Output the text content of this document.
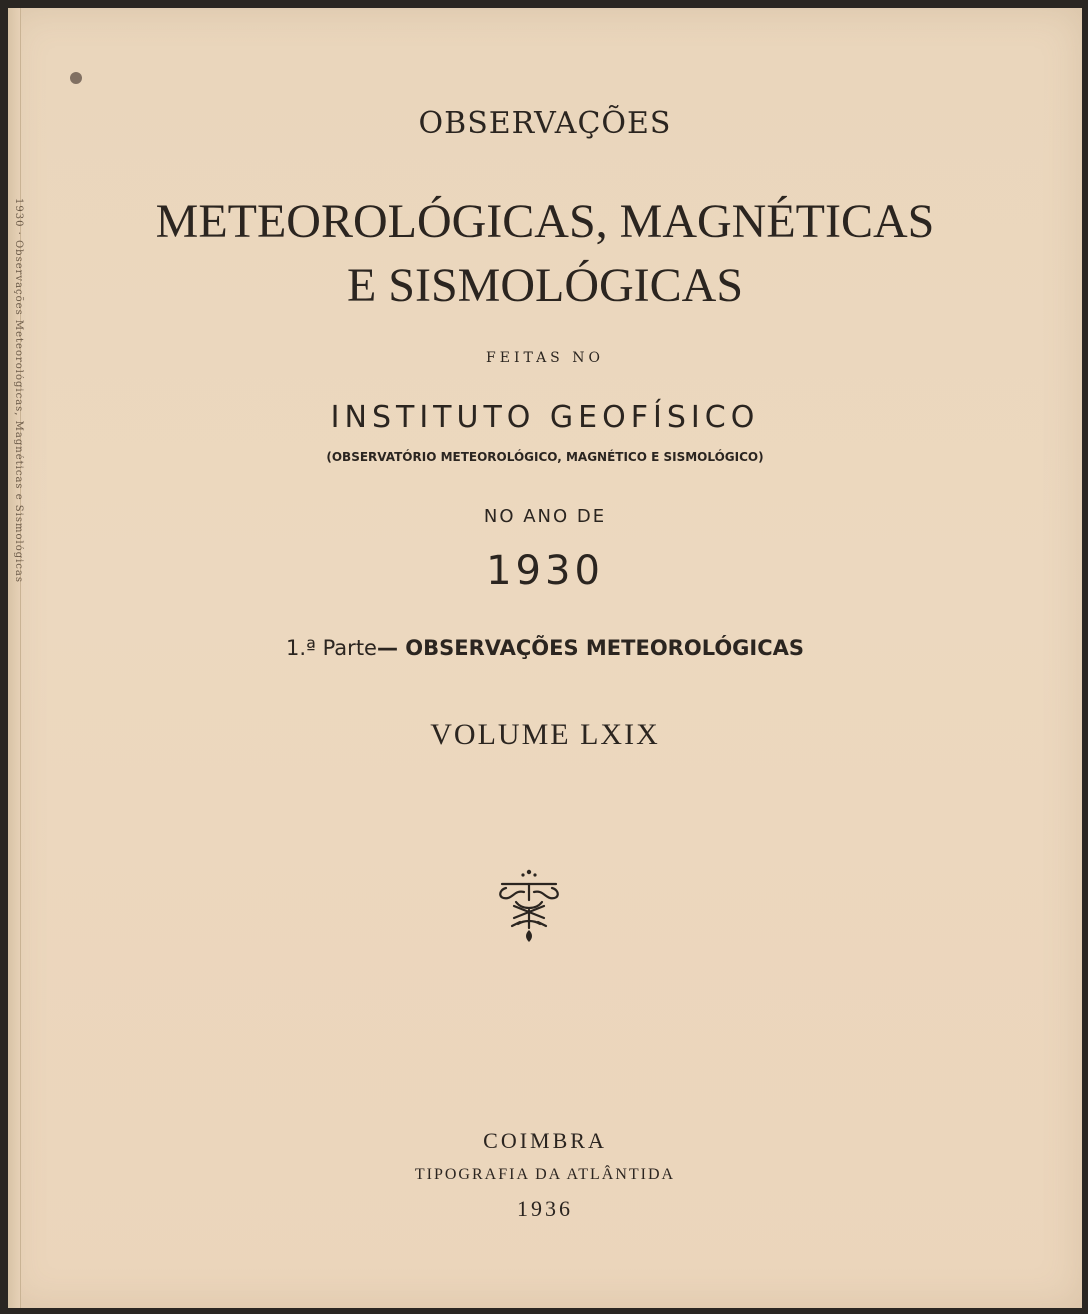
1930 · Observações Meteorológicas, Magnéticas e Sismológicas
OBSERVAÇÕES
METEOROLÓGICAS, MAGNÉTICAS
E SISMOLÓGICAS
FEITAS NO
INSTITUTO GEOFÍSICO
(OBSERVATÓRIO METEOROLÓGICO, MAGNÉTICO E SISMOLÓGICO)
NO ANO DE
1930
1.ª Parte— OBSERVAÇÕES METEOROLÓGICAS
VOLUME LXIX
COIMBRA
TIPOGRAFIA DA ATLÂNTIDA
1936
